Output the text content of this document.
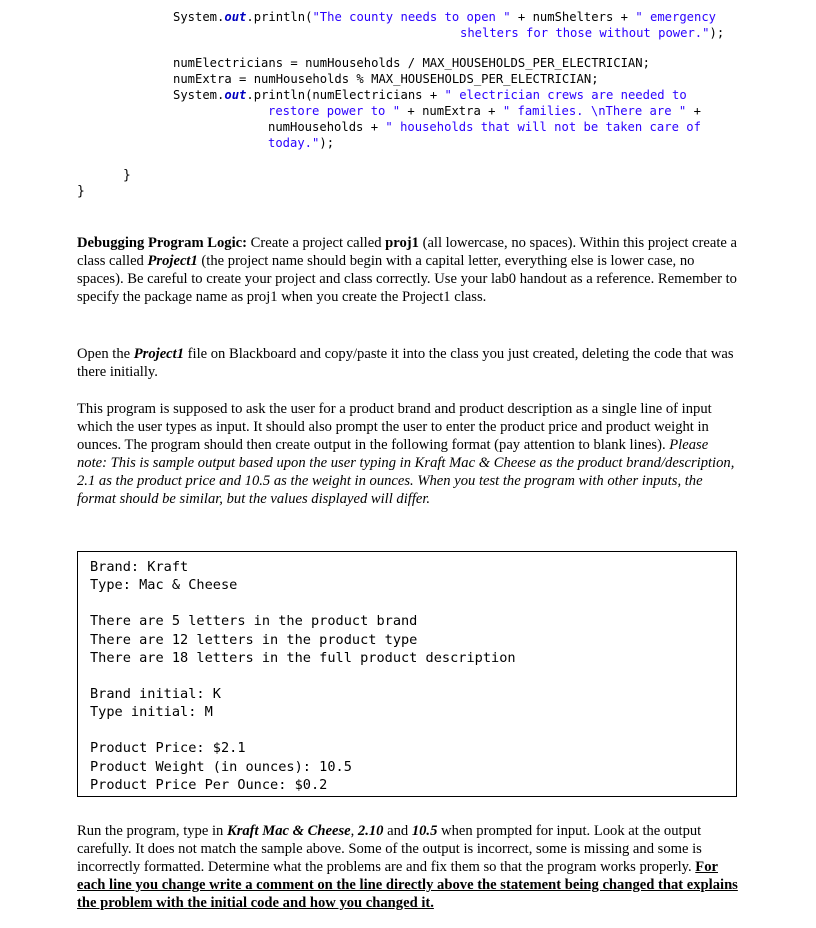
System.out.println("The county needs to open " + numShelters + " emergency
shelters for those without power.");
numElectricians = numHouseholds / MAX_HOUSEHOLDS_PER_ELECTRICIAN;
numExtra = numHouseholds % MAX_HOUSEHOLDS_PER_ELECTRICIAN;
System.out.println(numElectricians + " electrician crews are needed to
restore power to " + numExtra + " families. \nThere are " +
numHouseholds + " households that will not be taken care of
today.");
}
}
Debugging Program Logic: Create a project called proj1 (all lowercase, no spaces). Within this project create a class called Project1 (the project name should begin with a capital letter, everything else is lower case, no spaces). Be careful to create your project and class correctly. Use your lab0 handout as a reference. Remember to specify the package name as proj1 when you create the Project1 class.
Open the Project1 file on Blackboard and copy/paste it into the class you just created, deleting the code that was there initially.
This program is supposed to ask the user for a product brand and product description as a single line of input which the user types as input. It should also prompt the user to enter the product price and product weight in ounces. The program should then create output in the following format (pay attention to blank lines). Please note: This is sample output based upon the user typing in Kraft Mac & Cheese as the product brand/description, 2.1 as the product price and 10.5 as the weight in ounces. When you test the program with other inputs, the format should be similar, but the values displayed will differ.
Brand: Kraft
Type: Mac & Cheese
There are 5 letters in the product brand
There are 12 letters in the product type
There are 18 letters in the full product description
Brand initial: K
Type initial: M
Product Price: $2.1
Product Weight (in ounces): 10.5
Product Price Per Ounce: $0.2
Run the program, type in Kraft Mac & Cheese, 2.10 and 10.5 when prompted for input. Look at the output carefully. It does not match the sample above. Some of the output is incorrect, some is missing and some is incorrectly formatted. Determine what the problems are and fix them so that the program works properly. For each line you change write a comment on the line directly above the statement being changed that explains the problem with the initial code and how you changed it.
